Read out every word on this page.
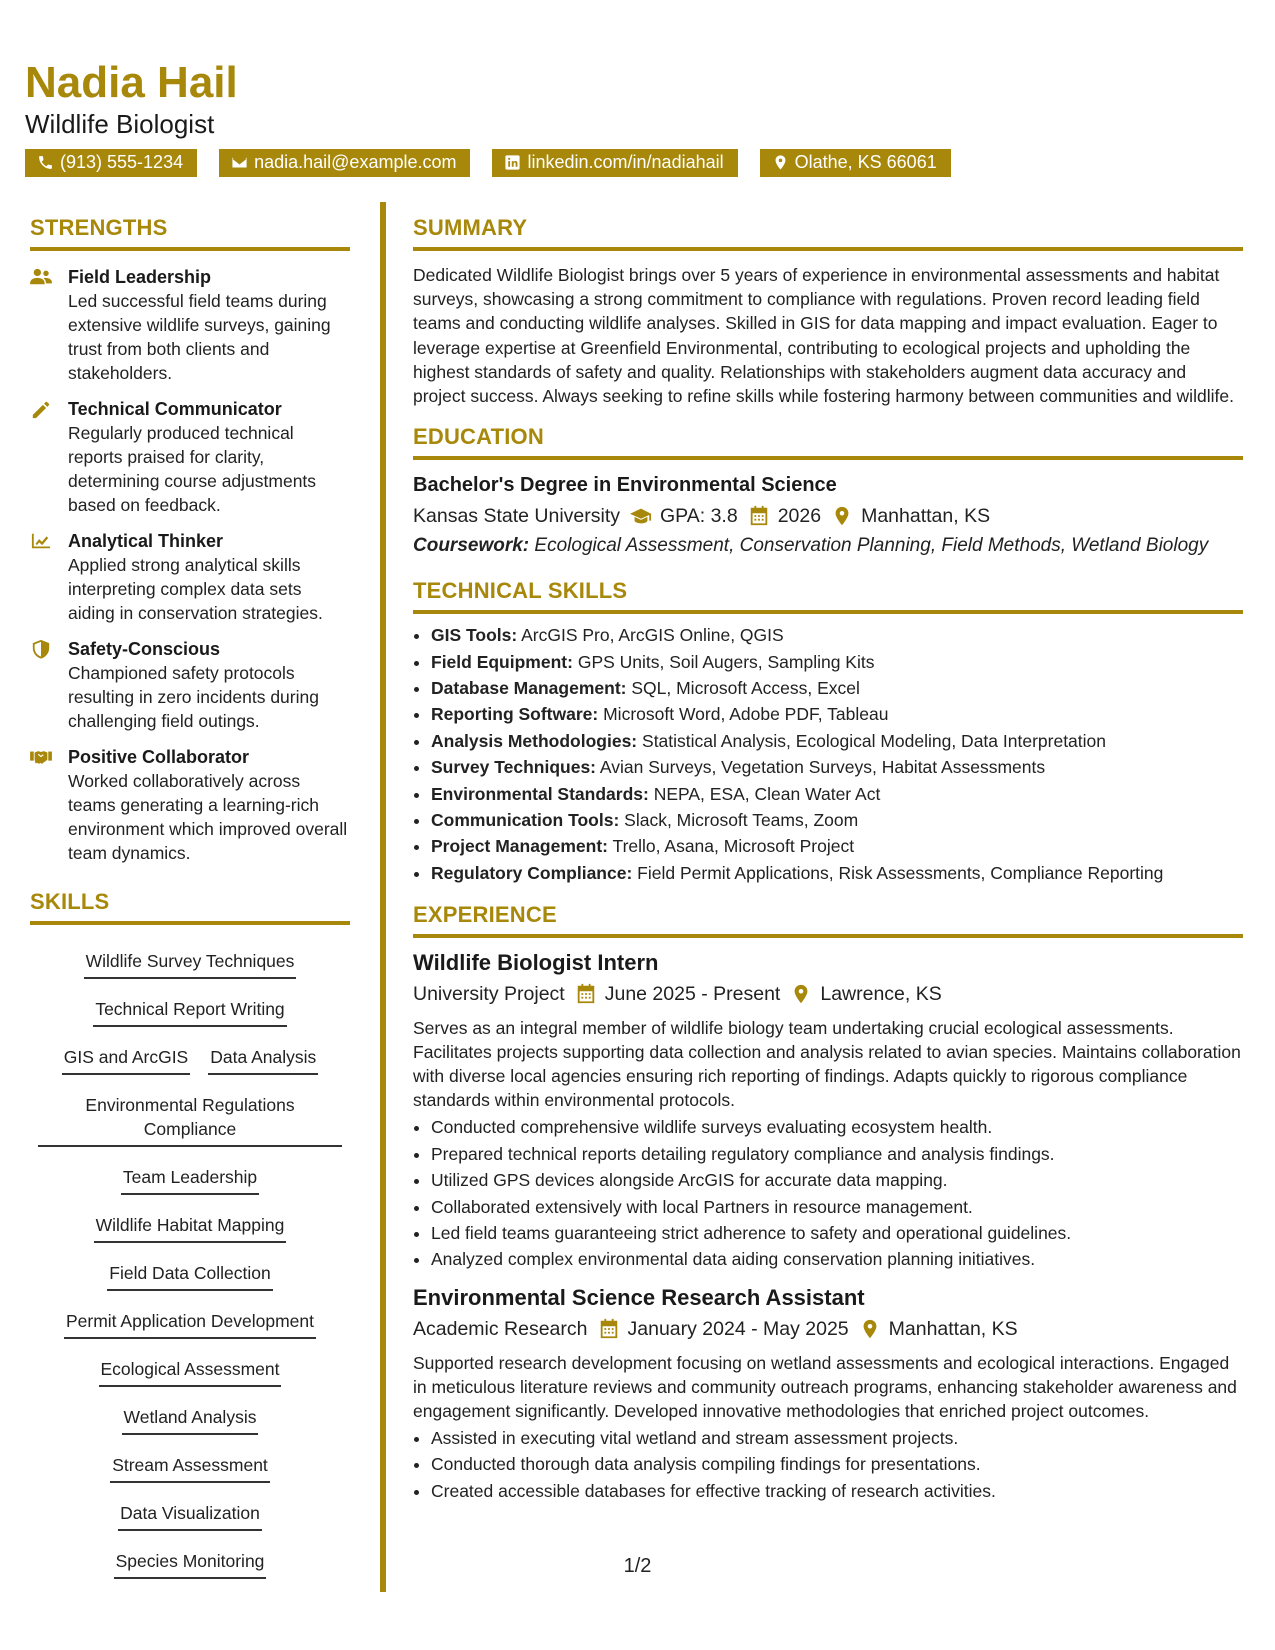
Nadia Hail
Wildlife Biologist
(913) 555-1234	nadia.hail@example.com	linkedin.com/in/nadiahail	Olathe, KS 66061
STRENGTHS
Field Leadership
Led successful field teams during extensive wildlife surveys, gaining trust from both clients and stakeholders.
Technical Communicator
Regularly produced technical reports praised for clarity, determining course adjustments based on feedback.
Analytical Thinker
Applied strong analytical skills interpreting complex data sets aiding in conservation strategies.
Safety-Conscious
Championed safety protocols resulting in zero incidents during challenging field outings.
Positive Collaborator
Worked collaboratively across teams generating a learning-rich environment which improved overall team dynamics.
SKILLS
Wildlife Survey Techniques
Technical Report Writing
GIS and ArcGIS Data Analysis
Environmental Regulations Compliance
Team Leadership
Wildlife Habitat Mapping
Field Data Collection
Permit Application Development
Ecological Assessment
Wetland Analysis
Stream Assessment
Data Visualization
Species Monitoring
SUMMARY
Dedicated Wildlife Biologist brings over 5 years of experience in environmental assessments and habitat surveys, showcasing a strong commitment to compliance with regulations. Proven record leading field teams and conducting wildlife analyses. Skilled in GIS for data mapping and impact evaluation. Eager to leverage expertise at Greenfield Environmental, contributing to ecological projects and upholding the highest standards of safety and quality. Relationships with stakeholders augment data accuracy and project success. Always seeking to refine skills while fostering harmony between communities and wildlife.
EDUCATION
Bachelor's Degree in Environmental Science
Kansas State University GPA: 3.8 2026 Manhattan, KS
Coursework: Ecological Assessment, Conservation Planning, Field Methods, Wetland Biology
TECHNICAL SKILLS
• GIS Tools: ArcGIS Pro, ArcGIS Online, QGIS
• Field Equipment: GPS Units, Soil Augers, Sampling Kits
• Database Management: SQL, Microsoft Access, Excel
• Reporting Software: Microsoft Word, Adobe PDF, Tableau
• Analysis Methodologies: Statistical Analysis, Ecological Modeling, Data Interpretation
• Survey Techniques: Avian Surveys, Vegetation Surveys, Habitat Assessments
• Environmental Standards: NEPA, ESA, Clean Water Act
• Communication Tools: Slack, Microsoft Teams, Zoom
• Project Management: Trello, Asana, Microsoft Project
• Regulatory Compliance: Field Permit Applications, Risk Assessments, Compliance Reporting
EXPERIENCE
Wildlife Biologist Intern
University Project June 2025 - Present Lawrence, KS
Serves as an integral member of wildlife biology team undertaking crucial ecological assessments. Facilitates projects supporting data collection and analysis related to avian species. Maintains collaboration with diverse local agencies ensuring rich reporting of findings. Adapts quickly to rigorous compliance standards within environmental protocols.
• Conducted comprehensive wildlife surveys evaluating ecosystem health.
• Prepared technical reports detailing regulatory compliance and analysis findings.
• Utilized GPS devices alongside ArcGIS for accurate data mapping.
• Collaborated extensively with local Partners in resource management.
• Led field teams guaranteeing strict adherence to safety and operational guidelines.
• Analyzed complex environmental data aiding conservation planning initiatives.
Environmental Science Research Assistant
Academic Research January 2024 - May 2025 Manhattan, KS
Supported research development focusing on wetland assessments and ecological interactions. Engaged in meticulous literature reviews and community outreach programs, enhancing stakeholder awareness and engagement significantly. Developed innovative methodologies that enriched project outcomes.
• Assisted in executing vital wetland and stream assessment projects.
• Conducted thorough data analysis compiling findings for presentations.
• Created accessible databases for effective tracking of research activities.
1/2
